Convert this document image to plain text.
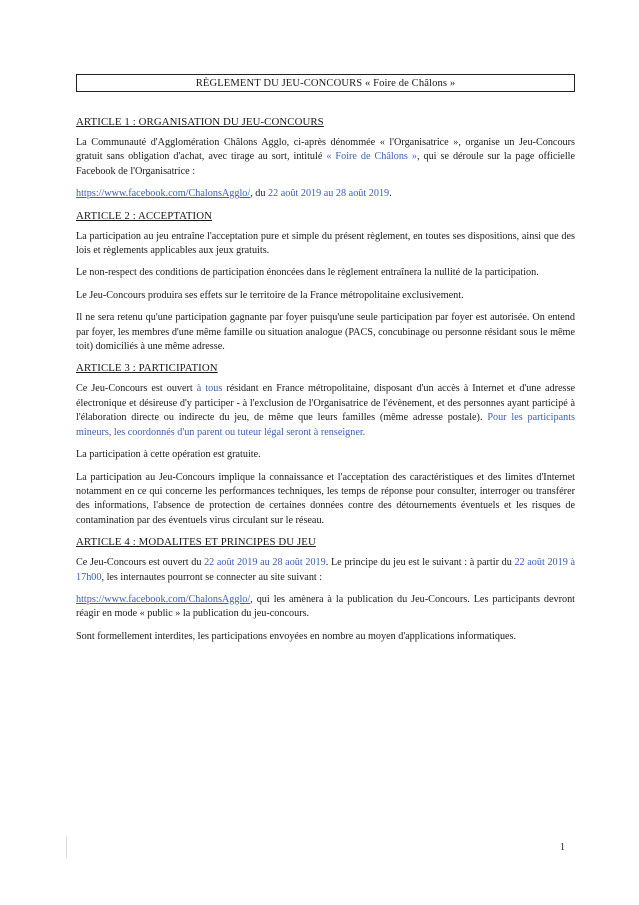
RÈGLEMENT DU JEU-CONCOURS « Foire de Châlons »
ARTICLE 1 : ORGANISATION DU JEU-CONCOURS

La Communauté d'Agglomération Châlons Agglo, ci-après dénommée « l'Organisatrice », organise un Jeu-Concours gratuit sans obligation d'achat, avec tirage au sort, intitulé « Foire de Châlons », qui se déroule sur la page officielle Facebook de l'Organisatrice :

https://www.facebook.com/ChalonsAgglo/, du 22 août 2019 au 28 août 2019.

ARTICLE 2 : ACCEPTATION

La participation au jeu entraîne l'acceptation pure et simple du présent règlement, en toutes ses dispositions, ainsi que des lois et règlements applicables aux jeux gratuits.

Le non-respect des conditions de participation énoncées dans le règlement entraînera la nullité de la participation.

Le Jeu-Concours produira ses effets sur le territoire de la France métropolitaine exclusivement.

Il ne sera retenu qu'une participation gagnante par foyer puisqu'une seule participation par foyer est autorisée. On entend par foyer, les membres d'une même famille ou situation analogue (PACS, concubinage ou personne résidant sous le même toit) domiciliés à une même adresse.

ARTICLE 3 : PARTICIPATION

Ce Jeu-Concours est ouvert à tous résidant en France métropolitaine, disposant d'un accès à Internet et d'une adresse électronique et désireuse d'y participer - à l'exclusion de l'Organisatrice de l'évènement, et des personnes ayant participé à l'élaboration directe ou indirecte du jeu, de même que leurs familles (même adresse postale). Pour les participants mineurs, les coordonnés d'un parent ou tuteur légal seront à renseigner.

La participation à cette opération est gratuite.

La participation au Jeu-Concours implique la connaissance et l'acceptation des caractéristiques et des limites d'Internet notamment en ce qui concerne les performances techniques, les temps de réponse pour consulter, interroger ou transférer des informations, l'absence de protection de certaines données contre des détournements éventuels et les risques de contamination par des éventuels virus circulant sur le réseau.

ARTICLE 4 : MODALITES ET PRINCIPES DU JEU

Ce Jeu-Concours est ouvert du 22 août 2019 au 28 août 2019. Le principe du jeu est le suivant : à partir du 22 août 2019 à 17h00, les internautes pourront se connecter au site suivant :

https://www.facebook.com/ChalonsAgglo/, qui les amènera à la publication du Jeu-Concours. Les participants devront réagir en mode « public » la publication du jeu-concours.

Sont formellement interdites, les participations envoyées en nombre au moyen d'applications informatiques.

1
